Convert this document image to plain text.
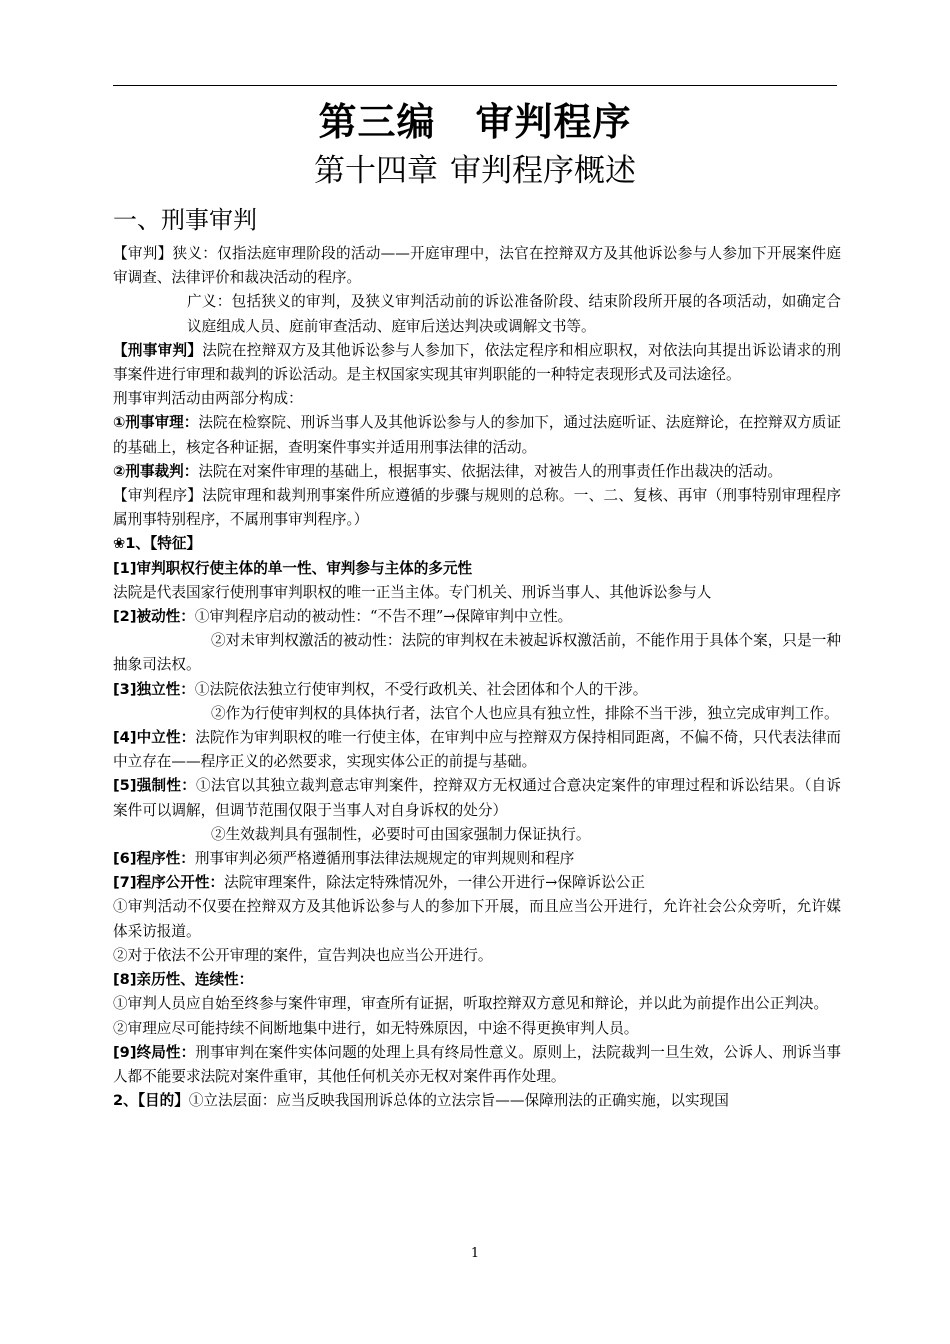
第三编 审判程序
第十四章 审判程序概述
一、刑事审判

【审判】狭义：仅指法庭审理阶段的活动——开庭审理中，法官在控辩双方及其他诉讼参与人参加下开展案件庭审调查、法律评价和裁决活动的程序。

广义：包括狭义的审判，及狭义审判活动前的诉讼准备阶段、结束阶段所开展的各项活动，如确定合议庭组成人员、庭前审查活动、庭审后送达判决或调解文书等。

【刑事审判】法院在控辩双方及其他诉讼参与人参加下，依法定程序和相应职权，对依法向其提出诉讼请求的刑事案件进行审理和裁判的诉讼活动。是主权国家实现其审判职能的一种特定表现形式及司法途径。

刑事审判活动由两部分构成：

①刑事审理：法院在检察院、刑诉当事人及其他诉讼参与人的参加下，通过法庭听证、法庭辩论，在控辩双方质证的基础上，核定各种证据，查明案件事实并适用刑事法律的活动。

②刑事裁判：法院在对案件审理的基础上，根据事实、依据法律，对被告人的刑事责任作出裁决的活动。

【审判程序】法院审理和裁判刑事案件所应遵循的步骤与规则的总称。一、二、复核、再审（刑事特别审理程序属刑事特别程序，不属刑事审判程序。）

❀1、【特征】

[1]审判职权行使主体的单一性、审判参与主体的多元性

法院是代表国家行使刑事审判职权的唯一正当主体。专门机关、刑诉当事人、其他诉讼参与人

[2]被动性：①审判程序启动的被动性：“不告不理”→保障审判中立性。

②对未审判权激活的被动性：法院的审判权在未被起诉权激活前，不能作用于具体个案，只是一种抽象司法权。

[3]独立性：①法院依法独立行使审判权，不受行政机关、社会团体和个人的干涉。

②作为行使审判权的具体执行者，法官个人也应具有独立性，排除不当干涉，独立完成审判工作。

[4]中立性：法院作为审判职权的唯一行使主体，在审判中应与控辩双方保持相同距离，不偏不倚，只代表法律而中立存在——程序正义的必然要求，实现实体公正的前提与基础。

[5]强制性：①法官以其独立裁判意志审判案件，控辩双方无权通过合意决定案件的审理过程和诉讼结果。（自诉案件可以调解，但调节范围仅限于当事人对自身诉权的处分）

②生效裁判具有强制性，必要时可由国家强制力保证执行。

[6]程序性：刑事审判必须严格遵循刑事法律法规规定的审判规则和程序

[7]程序公开性：法院审理案件，除法定特殊情况外，一律公开进行→保障诉讼公正

①审判活动不仅要在控辩双方及其他诉讼参与人的参加下开展，而且应当公开进行，允许社会公众旁听，允许媒体采访报道。

②对于依法不公开审理的案件，宣告判决也应当公开进行。

[8]亲历性、连续性：

①审判人员应自始至终参与案件审理，审查所有证据，听取控辩双方意见和辩论，并以此为前提作出公正判决。

②审理应尽可能持续不间断地集中进行，如无特殊原因，中途不得更换审判人员。

[9]终局性：刑事审判在案件实体问题的处理上具有终局性意义。原则上，法院裁判一旦生效，公诉人、刑诉当事人都不能要求法院对案件重审，其他任何机关亦无权对案件再作处理。

2、【目的】①立法层面：应当反映我国刑诉总体的立法宗旨——保障刑法的正确实施，以实现国

1
